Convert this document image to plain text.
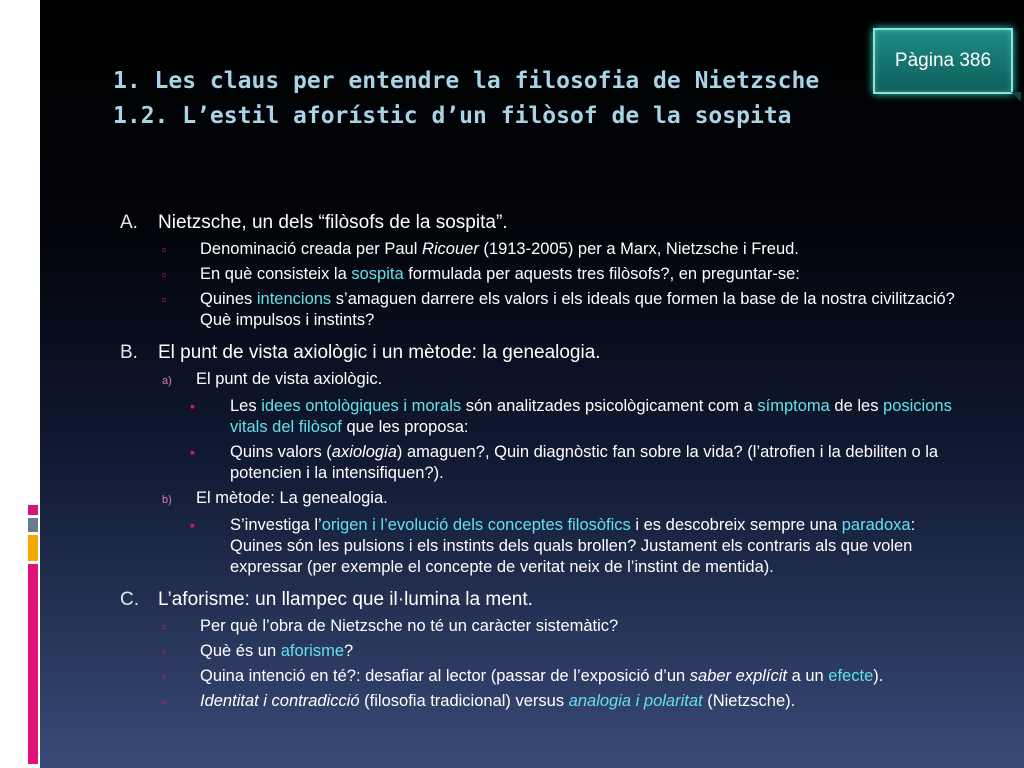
Pàgina 386
1. Les claus per entendre la filosofia de Nietzsche
1.2. L’estil aforístic d’un filòsof de la sospita
A.	Nietzsche, un dels “filòsofs de la sospita”.
▫	Denominació creada per Paul Ricouer (1913-2005) per a Marx, Nietzsche i Freud.
▫	En què consisteix la sospita formulada per aquests tres filòsofs?, en preguntar-se:
▫	Quines intencions s’amaguen darrere els valors i els ideals que formen la base de la nostra civilització? Què impulsos i instints?
B.	El punt de vista axiològic i un mètode: la genealogia.
a)	El punt de vista axiològic.
▪	Les idees ontològiques i morals són analitzades psicològicament com a símptoma de les posicions vitals del filòsof que les proposa:
▪	Quins valors (axiologia) amaguen?, Quin diagnòstic fan sobre la vida? (l’atrofien i la debiliten o la potencien i la intensifiquen?).
b)	El mètode: La genealogia.
▪	S’investiga l’origen i l’evolució dels conceptes filosòfics i es descobreix sempre una paradoxa: Quines són les pulsions i els instints dels quals brollen? Justament els contraris als que volen expressar (per exemple el concepte de veritat neix de l’instint de mentida).
C.	L’aforisme: un llampec que il·lumina la ment.
▫	Per què l’obra de Nietzsche no té un caràcter sistemàtic?
▫	Què és un aforisme?
▫	Quina intenció en té?: desafiar al lector (passar de l’exposició d’un saber explícit a un efecte).
▫	Identitat i contradicció (filosofia tradicional) versus analogia i polaritat (Nietzsche).
